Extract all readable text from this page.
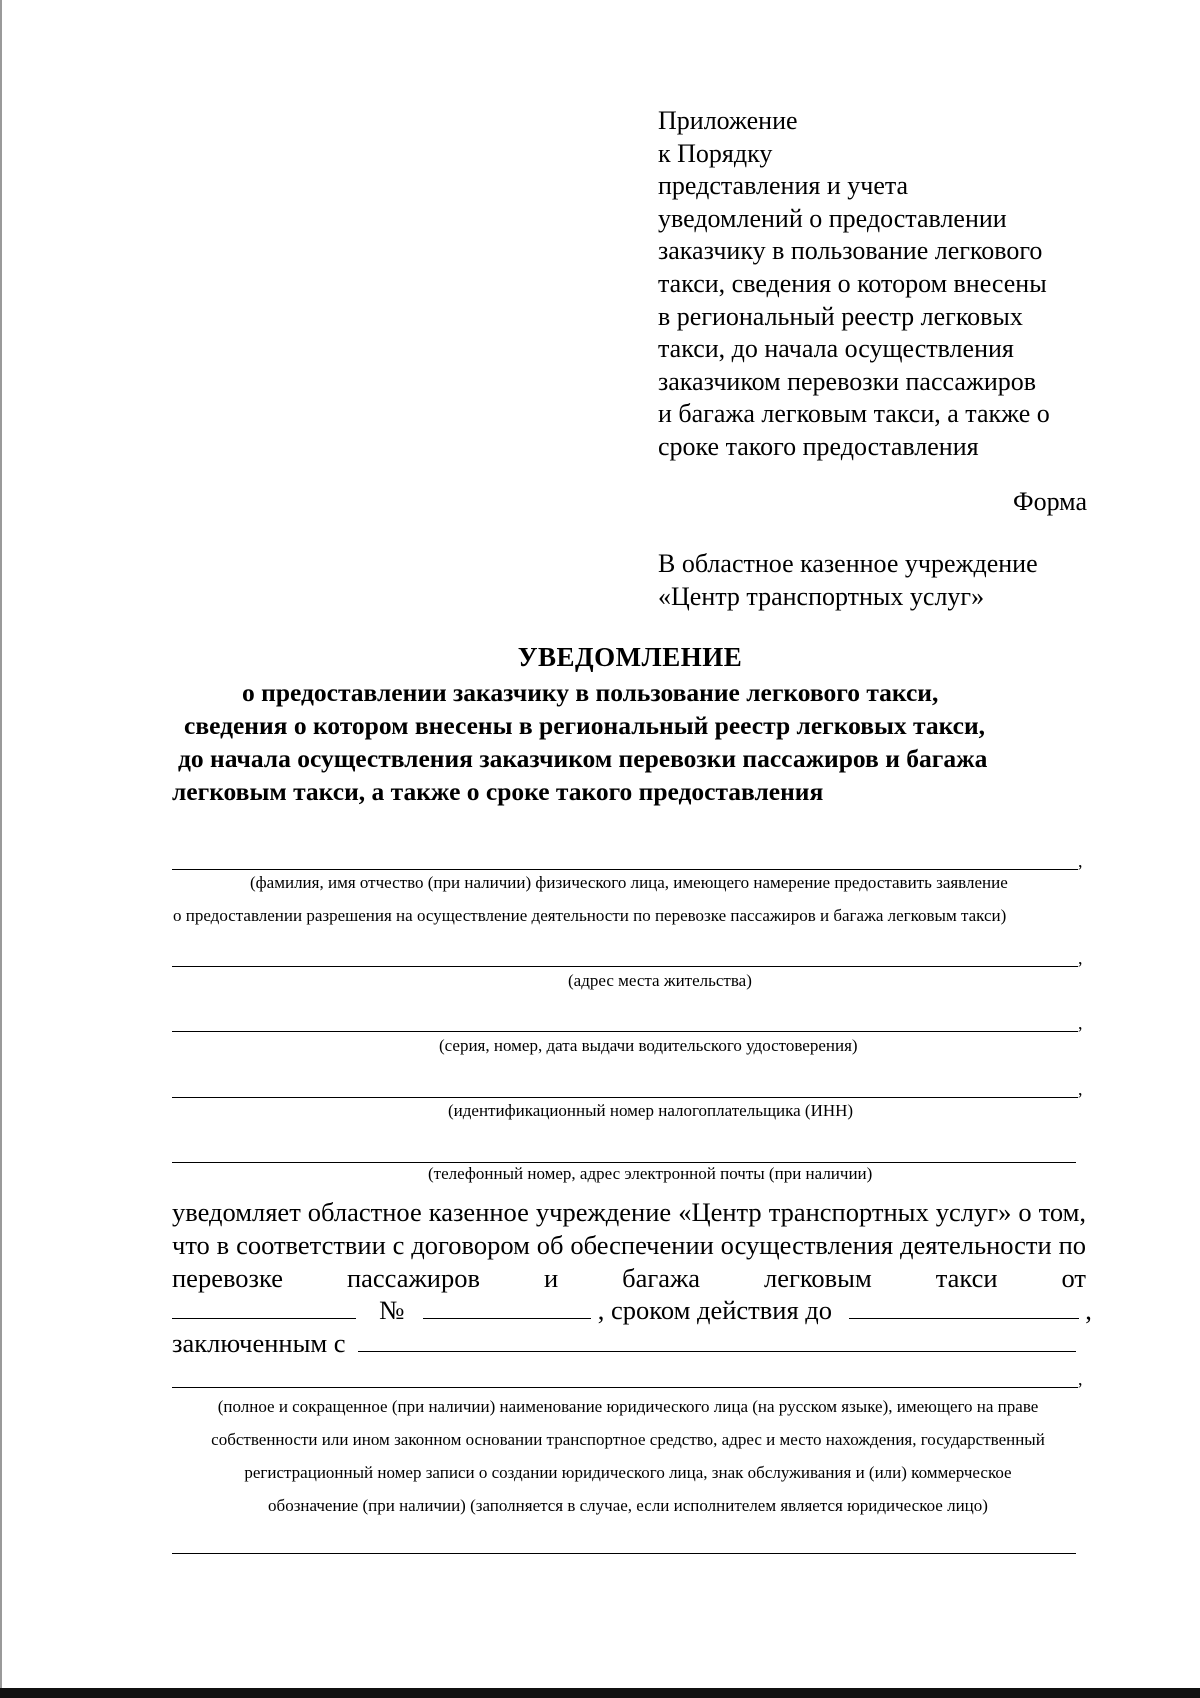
Приложение
к Порядку
представления и учета
уведомлений о предоставлении
заказчику в пользование легкового
такси, сведения о котором внесены
в региональный реестр легковых
такси, до начала осуществления
заказчиком перевозки пассажиров
и багажа легковым такси, а также о
сроке такого предоставления
Форма
В областное казенное учреждение
«Центр транспортных услуг»
УВЕДОМЛЕНИЕ
о предоставлении заказчику в пользование легкового такси,
сведения о котором внесены в региональный реестр легковых такси,
до начала осуществления заказчиком перевозки пассажиров и багажа
легковым такси, а также о сроке такого предоставления
,
(фамилия, имя отчество (при наличии) физического лица, имеющего намерение предоставить заявление
о предоставлении разрешения на осуществление деятельности по перевозке пассажиров и багажа легковым такси)
,
(адрес места жительства)
,
(серия, номер, дата выдачи водительского удостоверения)
,
(идентификационный номер налогоплательщика (ИНН)
(телефонный номер, адрес электронной почты (при наличии)
уведомляет областное казенное учреждение «Центр транспортных услуг» о том, что в соответствии с договором об обеспечении осуществления деятельности по перевозке пассажиров и багажа легковым такси от
№	, сроком действия до	,
заключенным с
,
(полное и сокращенное (при наличии) наименование юридического лица (на русском языке), имеющего на праве
собственности или ином законном основании транспортное средство, адрес и место нахождения, государственный
регистрационный номер записи о создании юридического лица, знак обслуживания и (или) коммерческое
обозначение (при наличии) (заполняется в случае, если исполнителем является юридическое лицо)
